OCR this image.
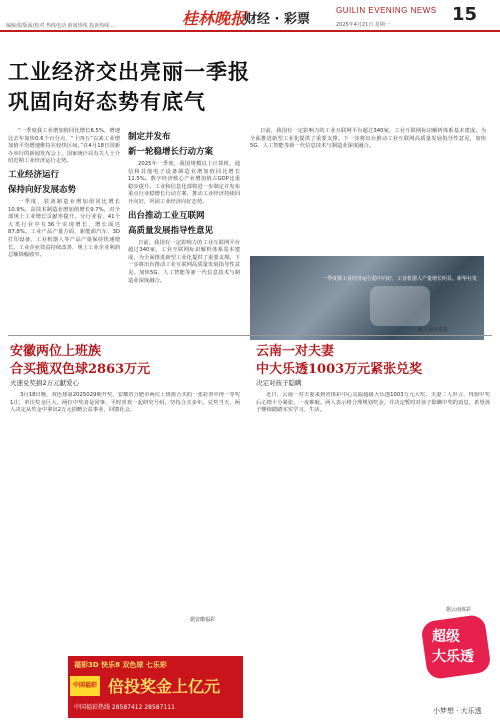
编辑部/版面/校对 热线电话 新闻热线 投诉热线 ...	桂林晚报
财经 · 彩票
GUILIN EVENING NEWS
2025年4月21日 星期一	15
工业经济交出亮丽一季报
巩固向好态势有底气

“一季度我工业增加值同比增长6.5%，增速比去年加快0.6个百分点，“十四五”以来工业增加值平均增速维持在较快区间。”在4月18日国新办举行的新闻发布会上，国家统计局有关人士介绍近期工业经济运行走势。

工业经济运行
保持向好发展态势

一季度，装备制造业增加值同比增长10.9%，高技术制造业增加值增长9.7%，对全部规上工业增长贡献率提升。分行业看，41个大类行业中有36个实现增长，增长面达87.8%。工业产品产量方面，新能源汽车、3D打印设备、工业机器人等产品产量保持快速增长。工业企业效益持续改善，规上工业企业利润总额降幅收窄。

制定并发布
新一轮稳增长行动方案

2025年一季度，我国规模以上计算机、通信和其他电子设备制造业增加值同比增长11.5%。数字经济核心产业增加值占GDP比重稳步提升。工业和信息化部将进一步制定并发布重点行业稳增长行动方案，推动工业经济持续回升向好，巩固工业经济向好态势。

出台推动工业互联网
高质量发展指导性意见

日前，我国有一定影响力的工业互联网平台超过340家，工业互联网标识解析体系基本建成，为全面推进新型工业化提供了重要支撑。下一步将出台推动工业互联网高质量发展指导性意见，加快5G、人工智能等新一代信息技术与制造业深度融合。

日前，我国有一定影响力的工业互联网平台超过340家，工业互联网标识解析体系基本建成，为全面推进新型工业化提供了重要支撑。下一步将出台推动工业互联网高质量发展指导性意见，加快5G、人工智能等新一代信息技术与制造业深度融合。

一季度我工业经济运行稳中向好，工业机器人产量增长明显。新华社发
据上海证券报
安徽两位上班族
合买揽双色球2863万元
火速兑奖捐2万元献爱心

3月18日晚，双色球第2025029期开奖，安徽省合肥市两位上班族合买的一张彩票中得一等奖1注，单注奖金巨大。两位中奖者是同事，平时喜欢一起研究号码，坚持合买多年。兑奖当天，两人决定从奖金中拿出2万元捐赠公益事业，回馈社会。

据安徽福彩
福彩3D 快乐8 双色球 七乐彩
中国福彩 倍投奖金上亿元
中国福彩热线 28587412 28587111
云南一对夫妻
中大乐透1003万元紧张兑奖
决定对孩子隐瞒

近日，云南一对夫妻来到省体彩中心兑取超级大乐透1003万元大奖。夫妻二人坦言，得知中奖后心情十分紧张，一夜难眠。两人表示将合理规划奖金，并决定暂时对孩子隐瞒中奖的消息，希望孩子继续踏踏实实学习、生活。

据云南体彩
超级
大乐透
小梦想 · 大乐透
